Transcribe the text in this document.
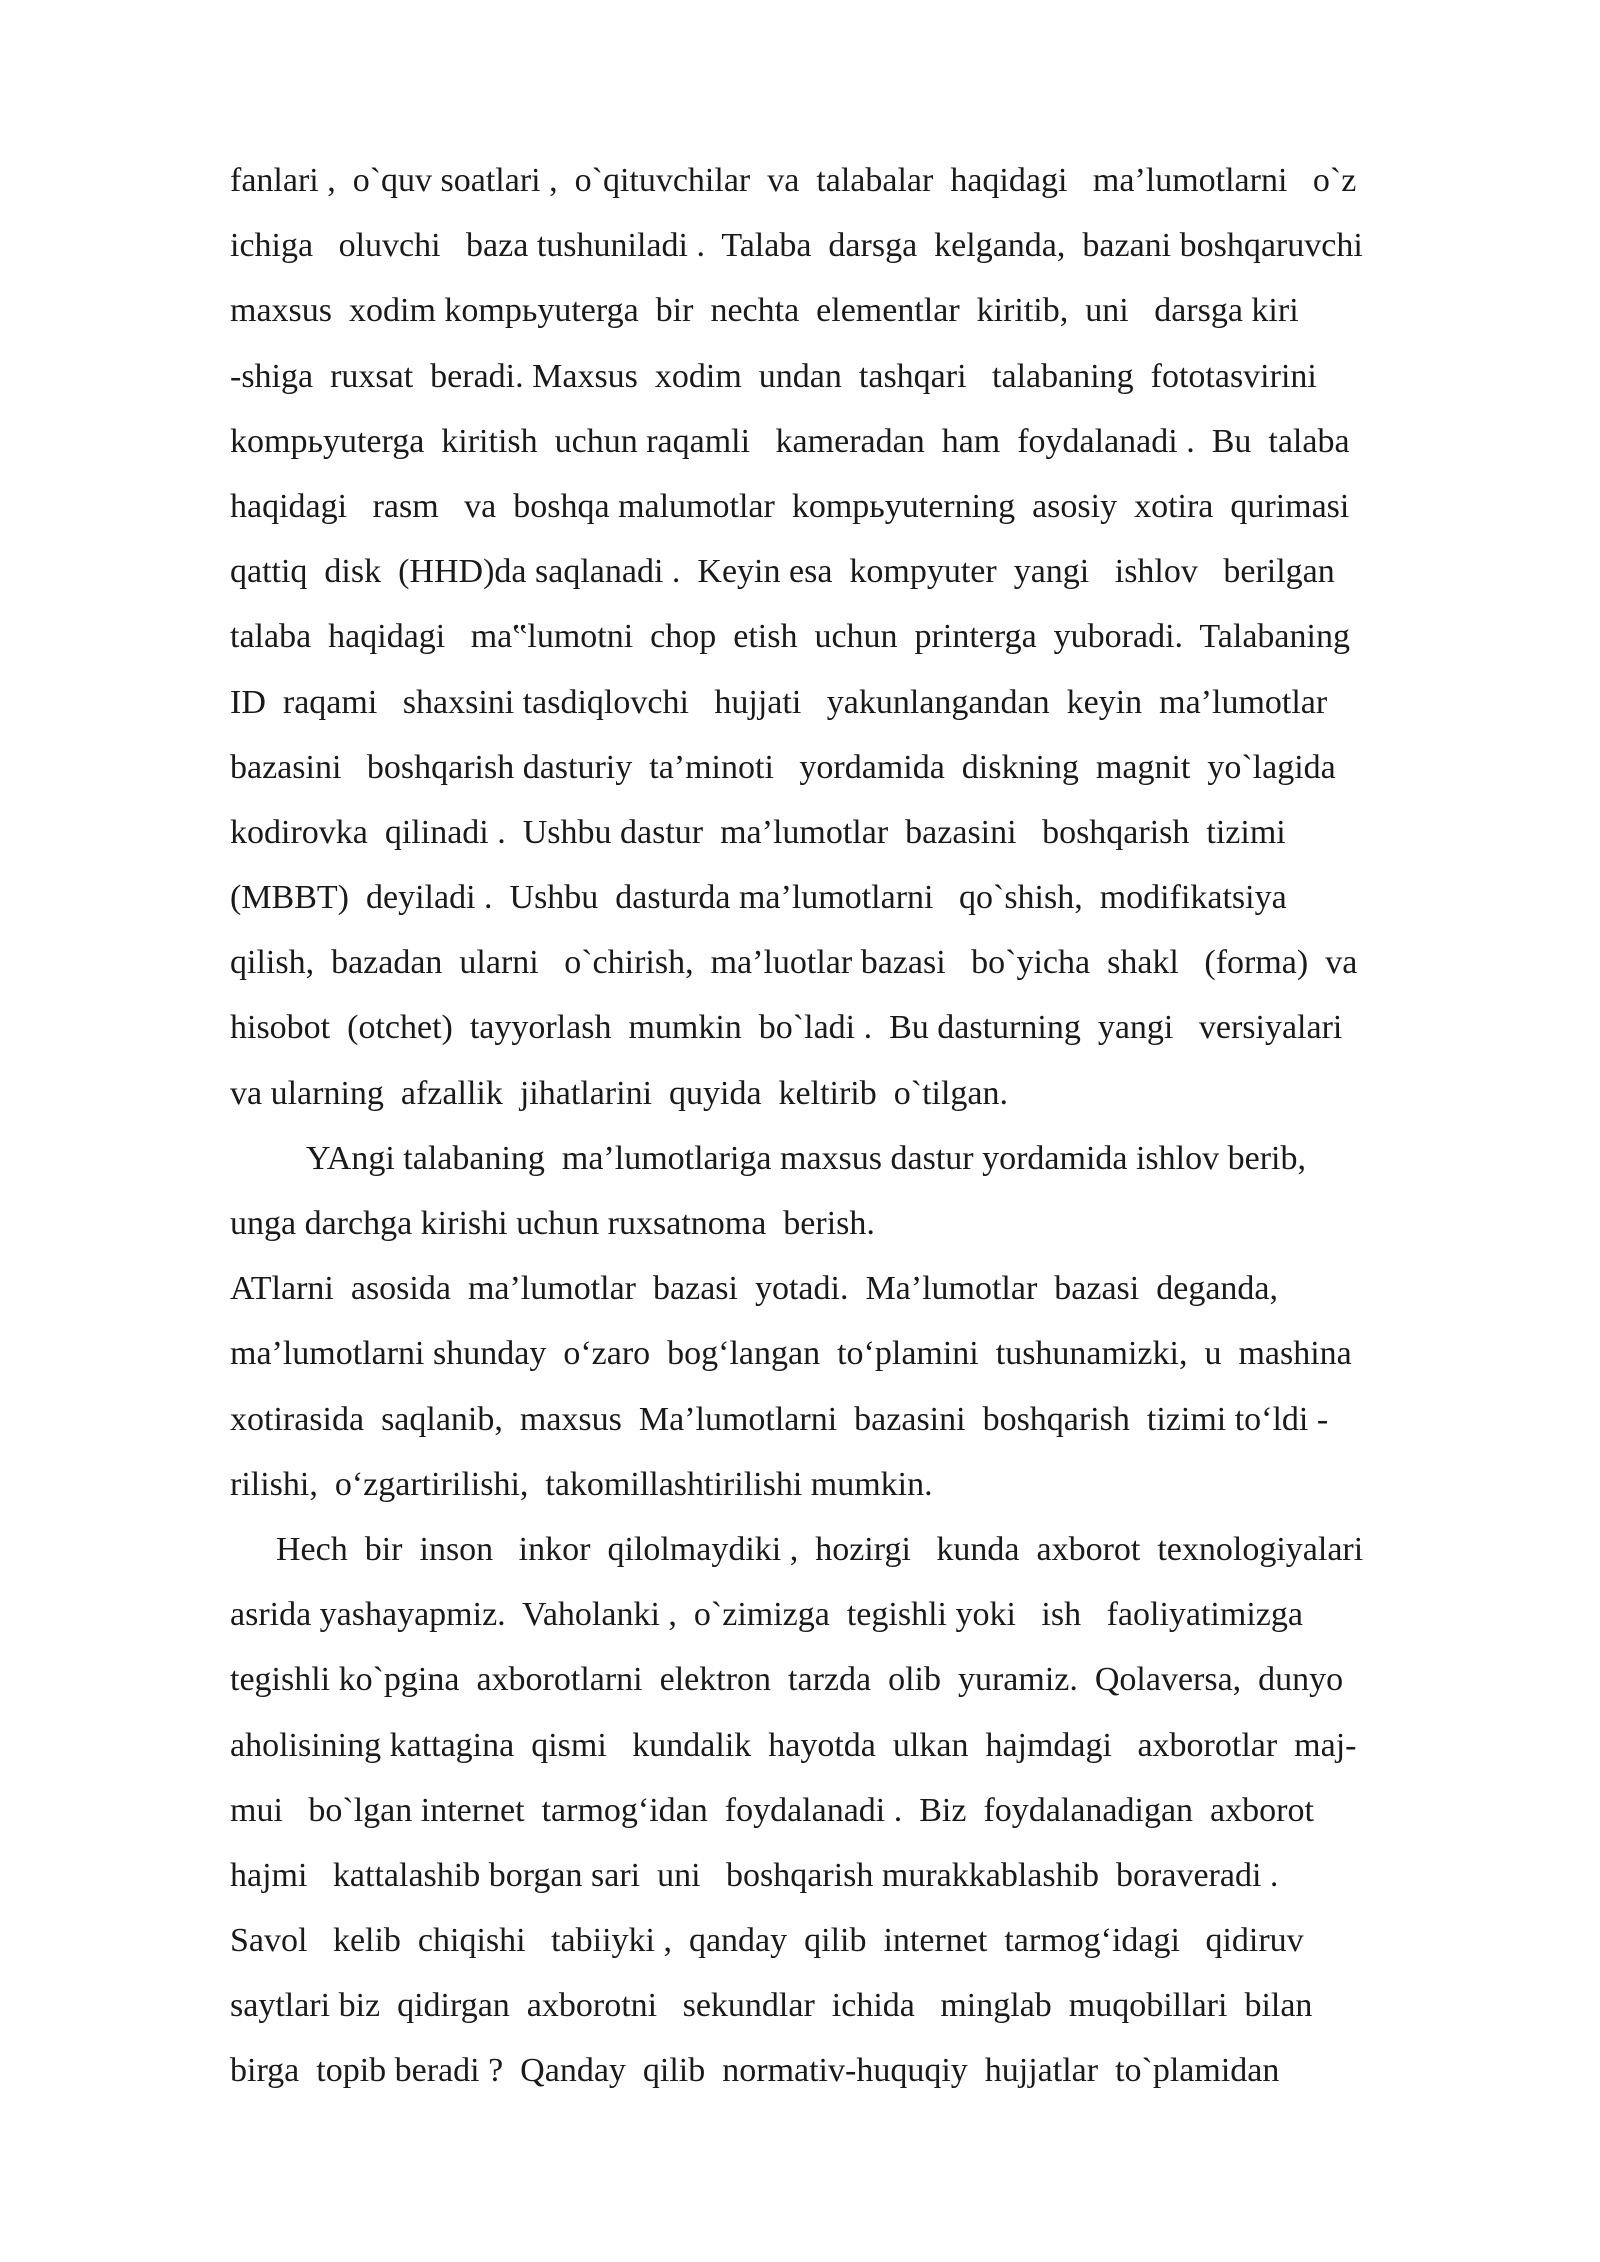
fanlari ,  o`quv soatlari ,  o`qituvchilar  va  talabalar  haqidagi   ma’lumotlarni   o`z
ichiga   oluvchi   baza tushuniladi .  Talaba  darsga  kelganda,  bazani boshqaruvchi
maxsus  xodim kompьyuterga  bir  nechta  elementlar  kiritib,  uni   darsga kiri
-shiga  ruxsat  beradi. Maxsus  xodim  undan  tashqari   talabaning  fototasvirini
kompьyuterga  kiritish  uchun raqamli   kameradan  ham  foydalanadi .  Bu  talaba
haqidagi   rasm   va  boshqa malumotlar  kompьyuterning  asosiy  xotira  qurimasi
qattiq  disk  (HHD)da saqlanadi .  Keyin esa  kompyuter  yangi   ishlov   berilgan
talaba  haqidagi   ma‟lumotni  chop  etish  uchun  printerga  yuboradi.  Talabaning
ID  raqami   shaxsini tasdiqlovchi   hujjati   yakunlangandan  keyin  ma’lumotlar
bazasini   boshqarish dasturiy  ta’minoti   yordamida  diskning  magnit  yo`lagida
kodirovka  qilinadi .  Ushbu dastur  ma’lumotlar  bazasini   boshqarish  tizimi
(MBBT)  deyiladi .  Ushbu  dasturda ma’lumotlarni   qo`shish,  modifikatsiya
qilish,  bazadan  ularni   o`chirish,  ma’luotlar bazasi   bo`yicha  shakl   (forma)  va
hisobot  (otchet)  tayyorlash  mumkin  bo`ladi .  Bu dasturning  yangi   versiyalari
va ularning  afzallik  jihatlarini  quyida  keltirib  o`tilgan.
YAngi talabaning  ma’lumotlariga maxsus dastur yordamida ishlov berib,
unga darchga kirishi uchun ruxsatnoma  berish.
ATlarni  asosida  ma’lumotlar  bazasi  yotadi.  Ma’lumotlar  bazasi  deganda,
ma’lumotlarni shunday  o‘zaro  bog‘langan  to‘plamini  tushunamizki,  u  mashina
xotirasida  saqlanib,  maxsus  Ma’lumotlarni  bazasini  boshqarish  tizimi to‘ldi -
rilishi,  o‘zgartirilishi,  takomillashtirilishi mumkin.
Hech  bir  inson   inkor  qilolmaydiki ,  hozirgi   kunda  axborot  texnologiyalari
asrida yashayapmiz.  Vaholanki ,  o`zimizga  tegishli yoki   ish   faoliyatimizga
tegishli ko`pgina  axborotlarni  elektron  tarzda  olib  yuramiz.  Qolaversa,  dunyo
aholisining kattagina  qismi   kundalik  hayotda  ulkan  hajmdagi   axborotlar  maj-
mui   bo`lgan internet  tarmog‘idan  foydalanadi .  Biz  foydalanadigan  axborot
hajmi   kattalashib borgan sari  uni   boshqarish murakkablashib  boraveradi .
Savol   kelib  chiqishi   tabiiyki ,  qanday  qilib  internet  tarmog‘idagi   qidiruv
saytlari biz  qidirgan  axborotni   sekundlar  ichida   minglab  muqobillari  bilan
birga  topib beradi ?  Qanday  qilib  normativ-huquqiy  hujjatlar  to`plamidan
